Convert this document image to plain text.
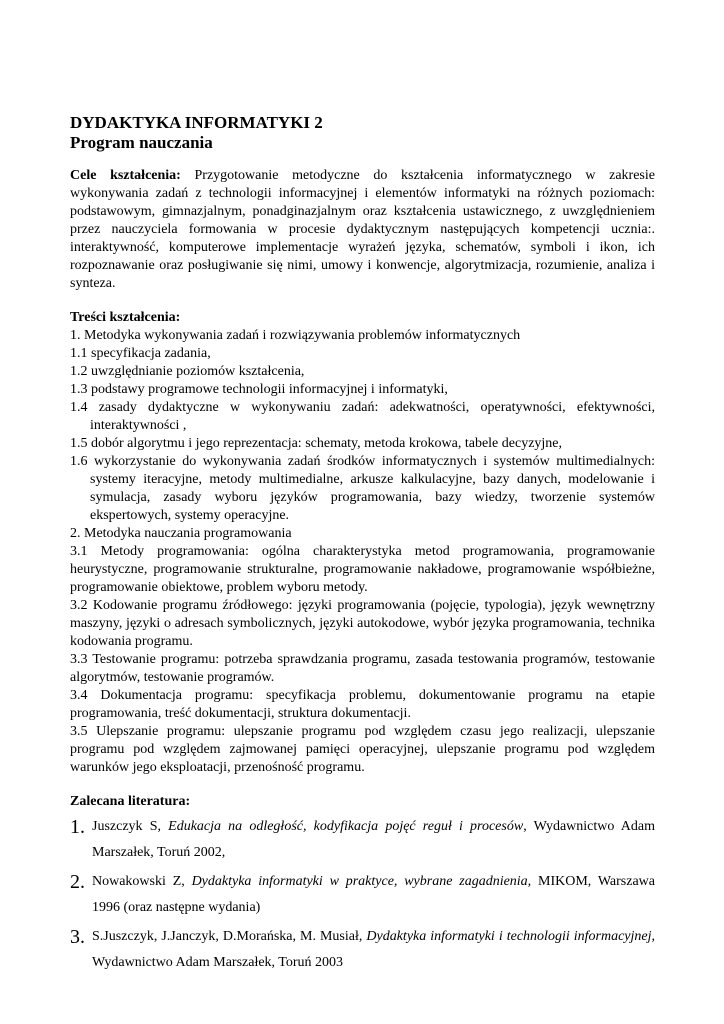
DYDAKTYKA INFORMATYKI 2
Program nauczania

Cele kształcenia: Przygotowanie metodyczne do kształcenia informatycznego w zakresie wykonywania zadań z technologii informacyjnej i elementów informatyki na różnych poziomach: podstawowym, gimnazjalnym, ponadginazjalnym oraz kształcenia ustawicznego, z uwzględnieniem przez nauczyciela formowania w procesie dydaktycznym następujących kompetencji ucznia:. interaktywność, komputerowe implementacje wyrażeń języka, schematów, symboli i ikon, ich rozpoznawanie oraz posługiwanie się nimi, umowy i konwencje, algorytmizacja, rozumienie, analiza i synteza.

Treści kształcenia:
1. Metodyka wykonywania zadań i rozwiązywania problemów informatycznych
1.1 specyfikacja zadania,
1.2 uwzględnianie poziomów kształcenia,
1.3 podstawy programowe technologii informacyjnej i informatyki,
1.4 zasady dydaktyczne w wykonywaniu zadań: adekwatności, operatywności, efektywności, interaktywności ,
1.5 dobór algorytmu i jego reprezentacja: schematy, metoda krokowa, tabele decyzyjne,
1.6 wykorzystanie do wykonywania zadań środków informatycznych i systemów multimedialnych: systemy iteracyjne, metody multimedialne, arkusze kalkulacyjne, bazy danych, modelowanie i symulacja, zasady wyboru języków programowania, bazy wiedzy, tworzenie systemów ekspertowych, systemy operacyjne.
2. Metodyka nauczania programowania
3.1 Metody programowania: ogólna charakterystyka metod programowania, programowanie heurystyczne, programowanie strukturalne, programowanie nakładowe, programowanie współbieżne, programowanie obiektowe, problem wyboru metody.
3.2 Kodowanie programu źródłowego: języki programowania (pojęcie, typologia), język wewnętrzny maszyny, języki o adresach symbolicznych, języki autokodowe, wybór języka programowania, technika kodowania programu.
3.3 Testowanie programu: potrzeba sprawdzania programu, zasada testowania programów, testowanie algorytmów, testowanie programów.
3.4 Dokumentacja programu: specyfikacja problemu, dokumentowanie programu na etapie programowania, treść dokumentacji, struktura dokumentacji.
3.5 Ulepszanie programu: ulepszanie programu pod względem czasu jego realizacji, ulepszanie programu pod względem zajmowanej pamięci operacyjnej, ulepszanie programu pod względem warunków jego eksploatacji, przenośność programu.
Zalecana literatura:
1. Juszczyk S, Edukacja na odległość, kodyfikacja pojęć reguł i procesów, Wydawnictwo Adam Marszałek, Toruń 2002,
2. Nowakowski Z, Dydaktyka informatyki w praktyce, wybrane zagadnienia, MIKOM, Warszawa 1996 (oraz następne wydania)
3. S.Juszczyk, J.Janczyk, D.Morańska, M. Musiał, Dydaktyka informatyki i technologii informacyjnej, Wydawnictwo Adam Marszałek, Toruń 2003
